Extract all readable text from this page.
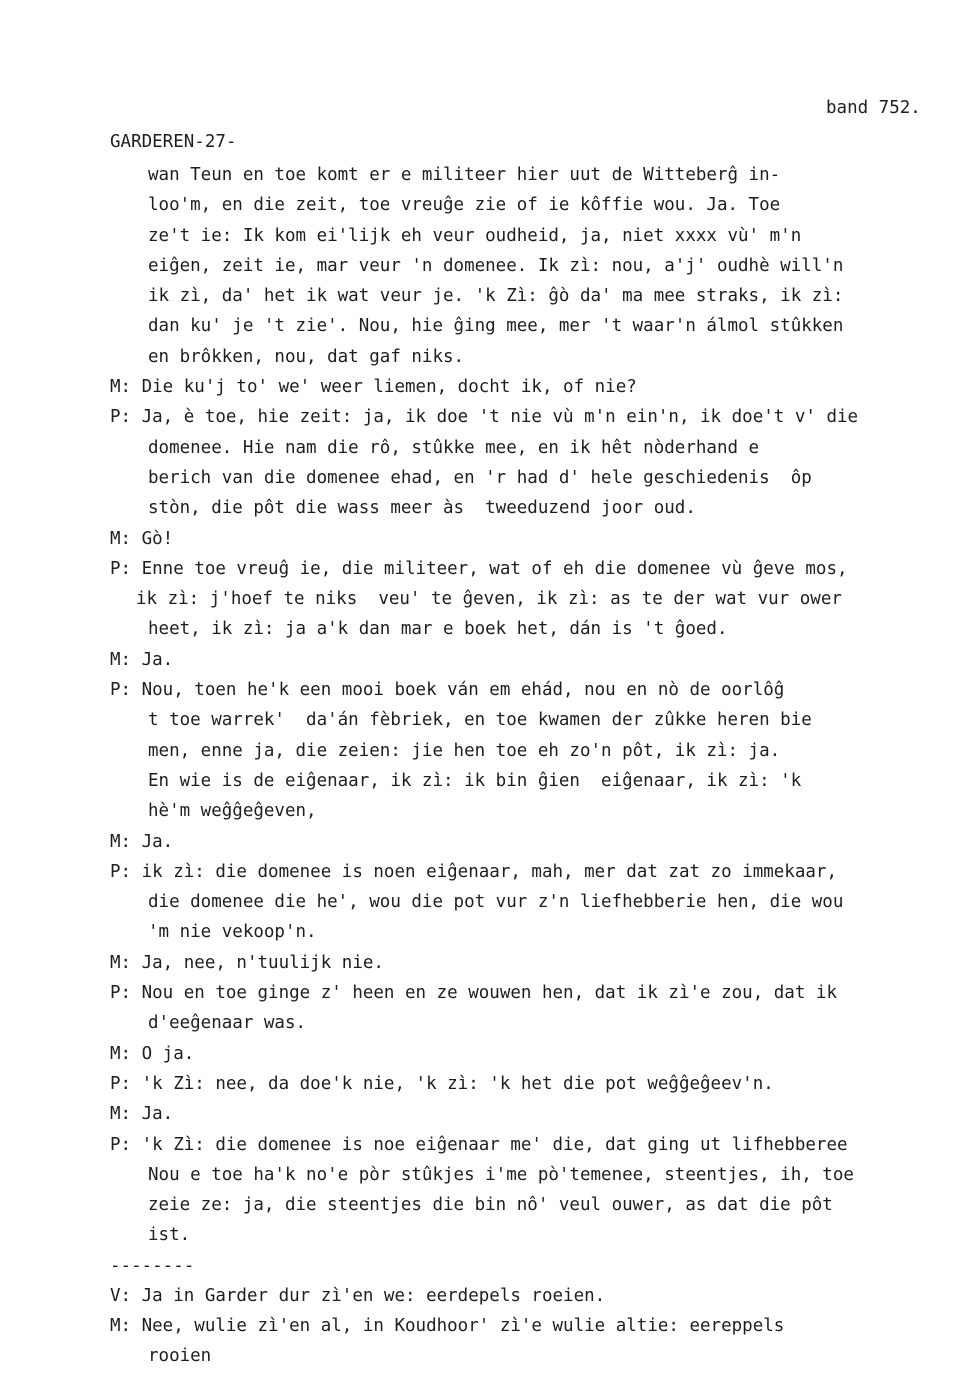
band 752.
GARDEREN-27-
wan Teun en toe komt er e militeer hier uut de Witteberĝ in-
loo'm, en die zeit, toe vreuĝe zie of ie kôffie wou. Ja. Toe
ze't ie: Ik kom ei'lijk eh veur oudheid, ja, niet xxxx vù' m'n
eiĝen, zeit ie, mar veur 'n domenee. Ik zì: nou, a'j' oudhè will'n
ik zì, da' het ik wat veur je. 'k Zì: ĝò da' ma mee straks, ik zì:
dan ku' je 't zie'. Nou, hie ĝing mee, mer 't waar'n álmol stûkken
en brôkken, nou, dat gaf niks.
M: Die ku'j to' we' weer liemen, docht ik, of nie?
P: Ja, è toe, hie zeit: ja, ik doe 't nie vù m'n ein'n, ik doe't v' die
domenee. Hie nam die rô, stûkke mee, en ik hêt nòderhand e
berich van die domenee ehad, en 'r had d' hele geschiedenis  ôp
stòn, die pôt die wass meer às  tweeduzend joor oud.
M: Gò!
P: Enne toe vreuĝ ie, die militeer, wat of eh die domenee vù ĝeve mos,
ik zì: j'hoef te niks  veu' te ĝeven, ik zì: as te der wat vur ower
heet, ik zì: ja a'k dan mar e boek het, dán is 't ĝoed.
M: Ja.
P: Nou, toen he'k een mooi boek ván em ehád, nou en nò de oorlôĝ
t toe warrek'  da'án fèbriek, en toe kwamen der zûkke heren bie
men, enne ja, die zeien: jie hen toe eh zo'n pôt, ik zì: ja.
En wie is de eiĝenaar, ik zì: ik bin ĝien  eiĝenaar, ik zì: 'k
hè'm weĝĝeĝeven,
M: Ja.
P: ik zì: die domenee is noen eiĝenaar, mah, mer dat zat zo immekaar,
die domenee die he', wou die pot vur z'n liefhebberie hen, die wou
'm nie vekoop'n.
M: Ja, nee, n'tuulijk nie.
P: Nou en toe ginge z' heen en ze wouwen hen, dat ik zì'e zou, dat ik
d'eeĝenaar was.
M: O ja.
P: 'k Zì: nee, da doe'k nie, 'k zì: 'k het die pot weĝĝeĝeev'n.
M: Ja.
P: 'k Zì: die domenee is noe eiĝenaar me' die, dat ging ut lifhebberee
Nou e toe ha'k no'e pòr stûkjes i'me pò'temenee, steentjes, ih, toe
zeie ze: ja, die steentjes die bin nô' veul ouwer, as dat die pôt
ist.
--------
V: Ja in Garder dur zì'en we: eerdepels roeien.
M: Nee, wulie zì'en al, in Koudhoor' zì'e wulie altie: eereppels
rooien
